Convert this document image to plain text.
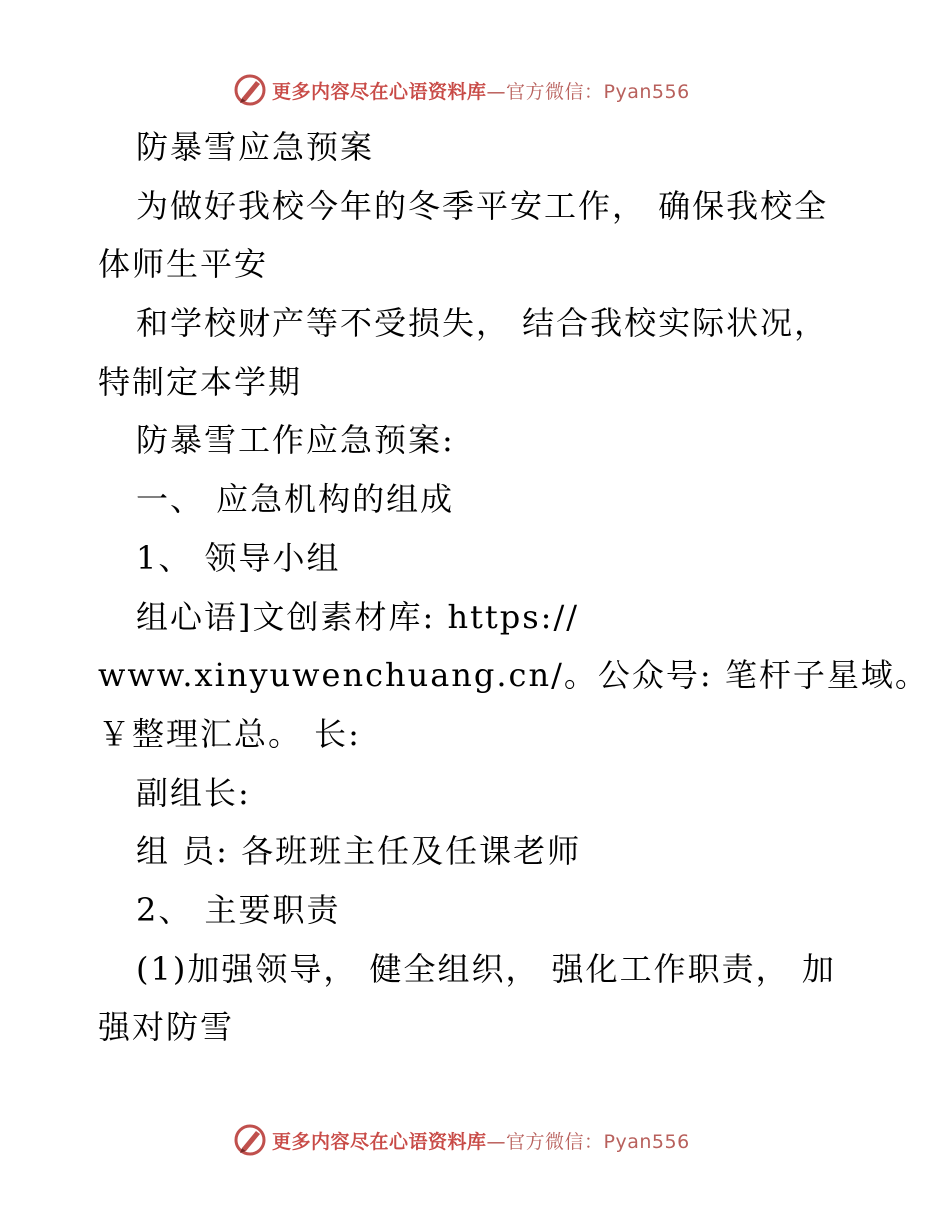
更多内容尽在心语资料库—官方微信：Pyan556
防暴雪应急预案
为做好我校今年的冬季平安工作， 确保我校全
体师生平安
和学校财产等不受损失， 结合我校实际状况，
特制定本学期
防暴雪工作应急预案:
一、 应急机构的组成
1、 领导小组
组心语]文创素材库: https://
www.xinyuwenchuang.cn/。公众号: 笔杆子星域。
￥整理汇总。 长:
副组长:
组 员: 各班班主任及任课老师
2、 主要职责
(1)加强领导， 健全组织， 强化工作职责， 加
强对防雪
更多内容尽在心语资料库—官方微信：Pyan556
